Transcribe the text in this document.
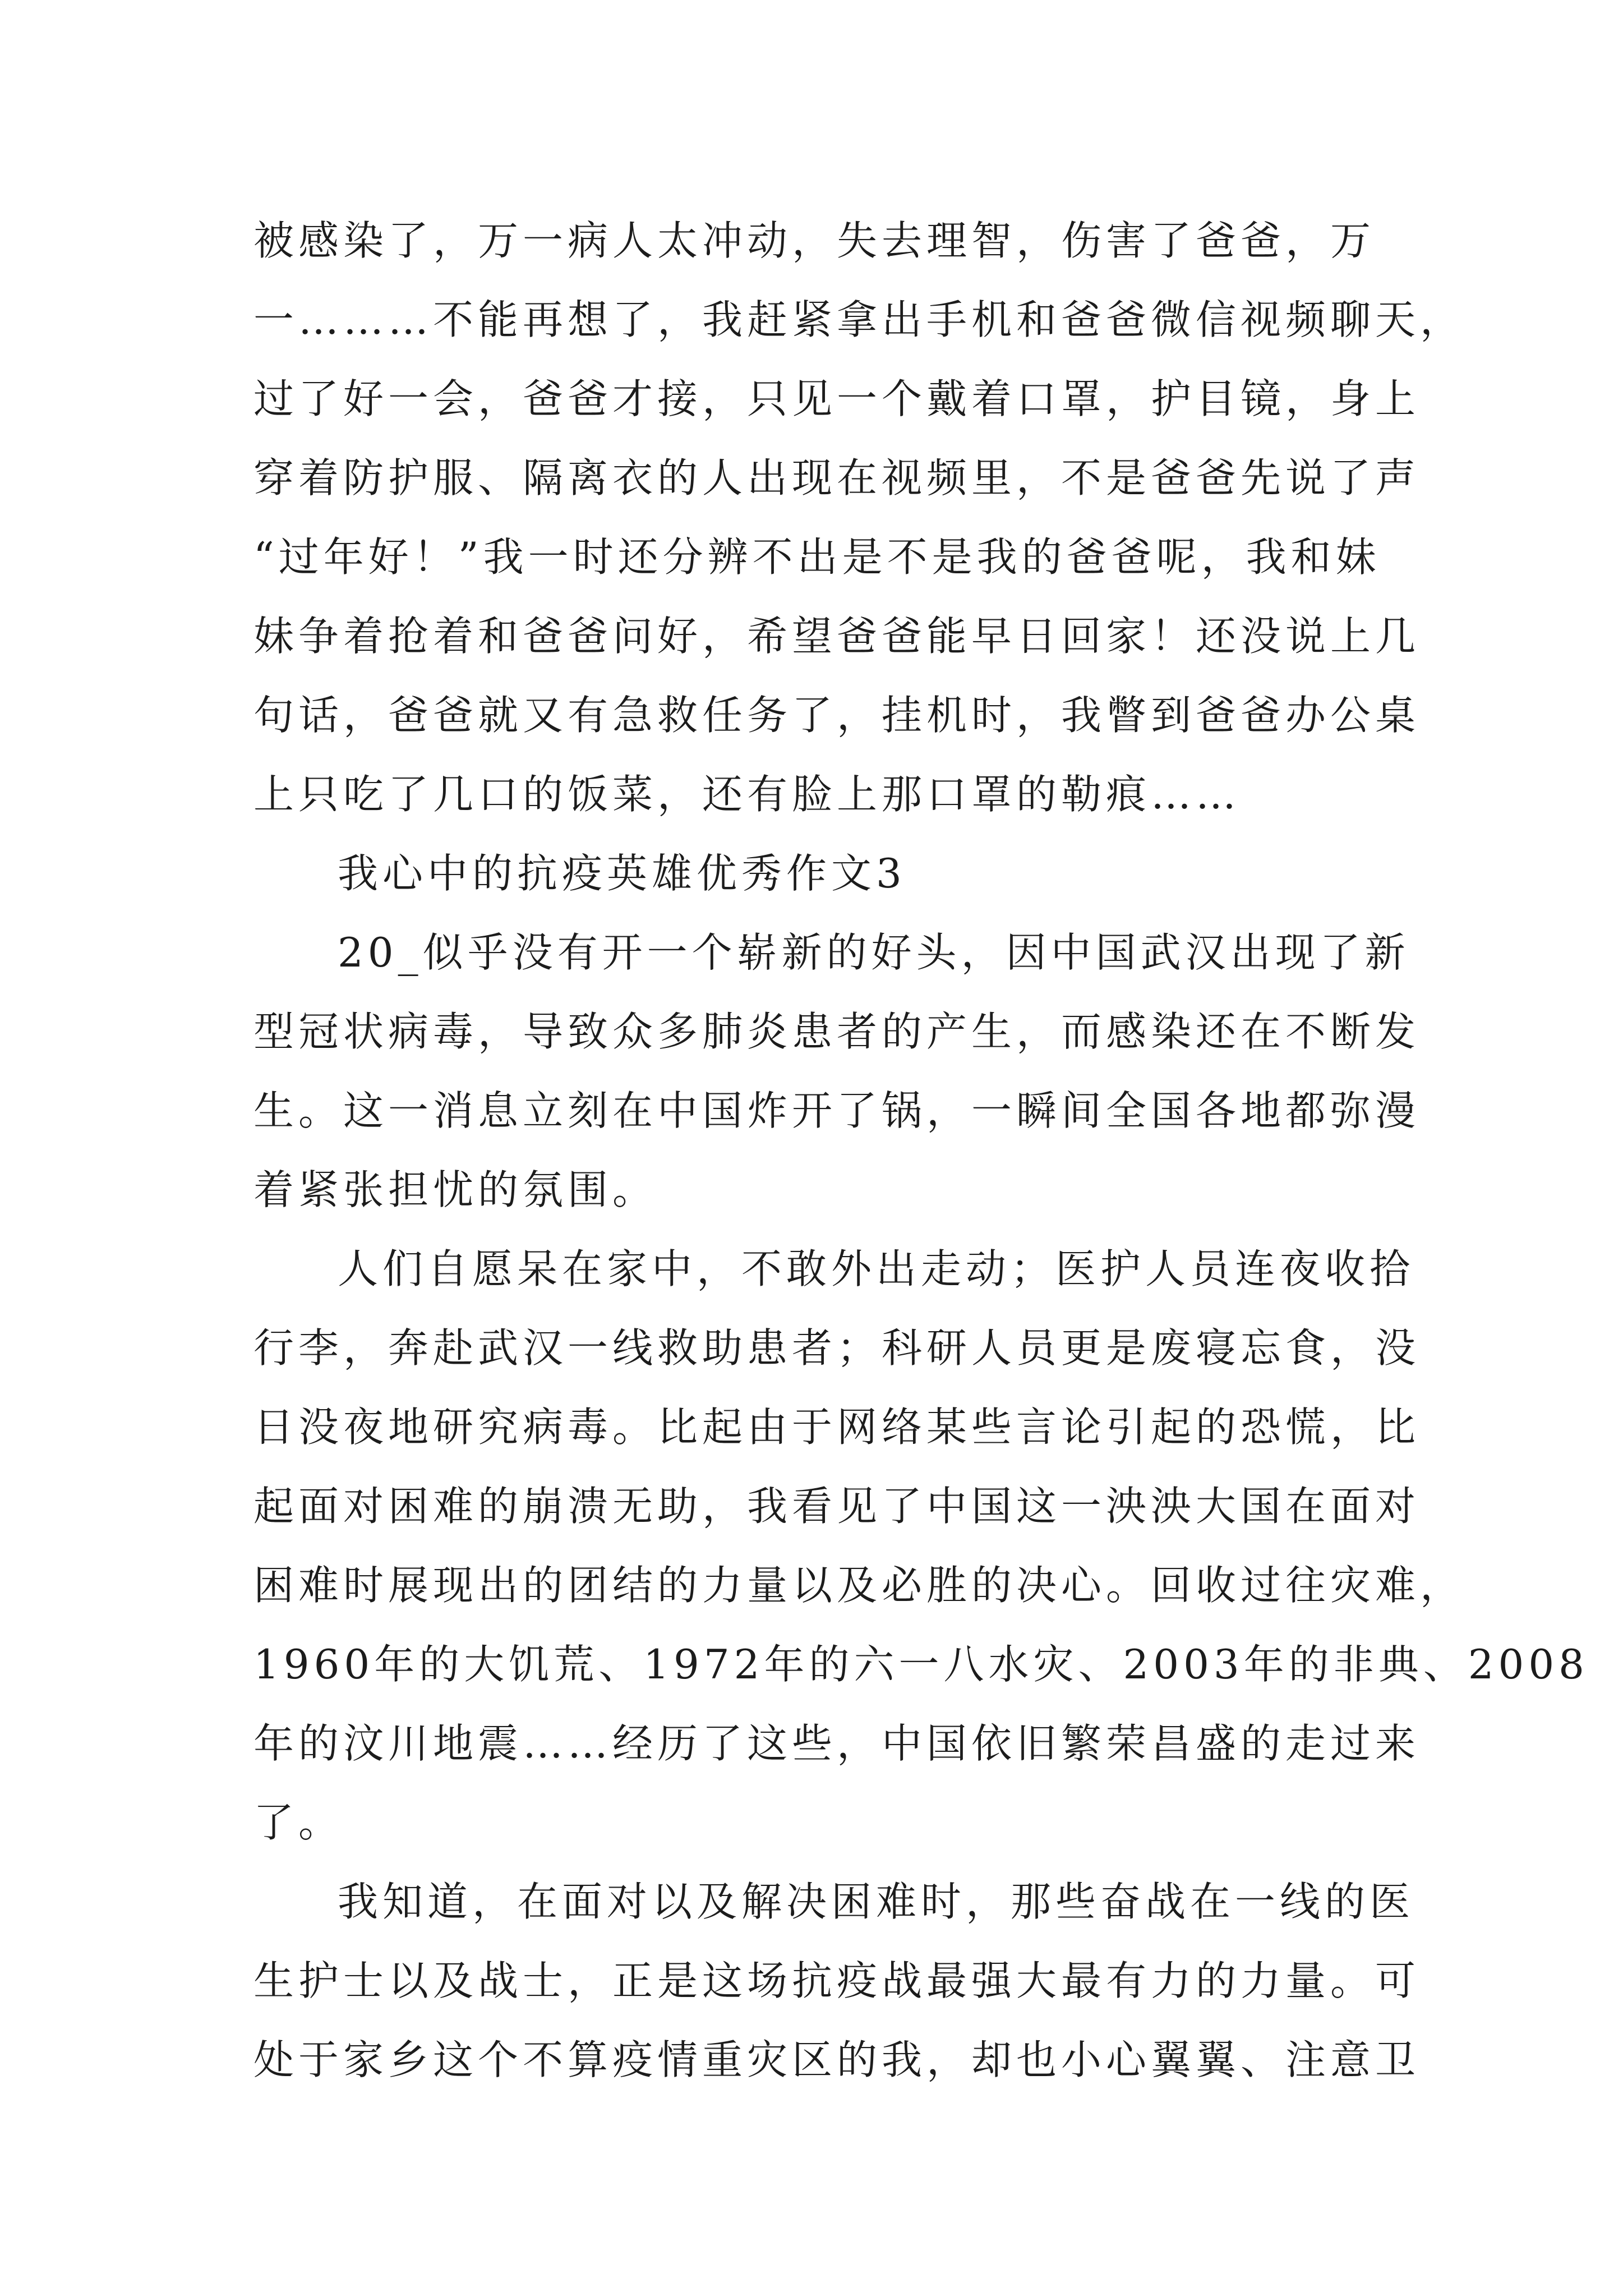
被感染了，万一病人太冲动，失去理智，伤害了爸爸，万
一………不能再想了，我赶紧拿出手机和爸爸微信视频聊天，
过了好一会，爸爸才接，只见一个戴着口罩，护目镜，身上
穿着防护服、隔离衣的人出现在视频里，不是爸爸先说了声
“过年好！”我一时还分辨不出是不是我的爸爸呢，我和妹
妹争着抢着和爸爸问好，希望爸爸能早日回家！还没说上几
句话，爸爸就又有急救任务了，挂机时，我瞥到爸爸办公桌
上只吃了几口的饭菜，还有脸上那口罩的勒痕……
我心中的抗疫英雄优秀作文3
20_似乎没有开一个崭新的好头，因中国武汉出现了新
型冠状病毒，导致众多肺炎患者的产生，而感染还在不断发
生。这一消息立刻在中国炸开了锅，一瞬间全国各地都弥漫
着紧张担忧的氛围。
人们自愿呆在家中，不敢外出走动；医护人员连夜收拾
行李，奔赴武汉一线救助患者；科研人员更是废寝忘食，没
日没夜地研究病毒。比起由于网络某些言论引起的恐慌，比
起面对困难的崩溃无助，我看见了中国这一泱泱大国在面对
困难时展现出的团结的力量以及必胜的决心。回收过往灾难，
1960年的大饥荒、1972年的六一八水灾、2003年的非典、2008
年的汶川地震……经历了这些，中国依旧繁荣昌盛的走过来
了。
我知道，在面对以及解决困难时，那些奋战在一线的医
生护士以及战士，正是这场抗疫战最强大最有力的力量。可
处于家乡这个不算疫情重灾区的我，却也小心翼翼、注意卫
